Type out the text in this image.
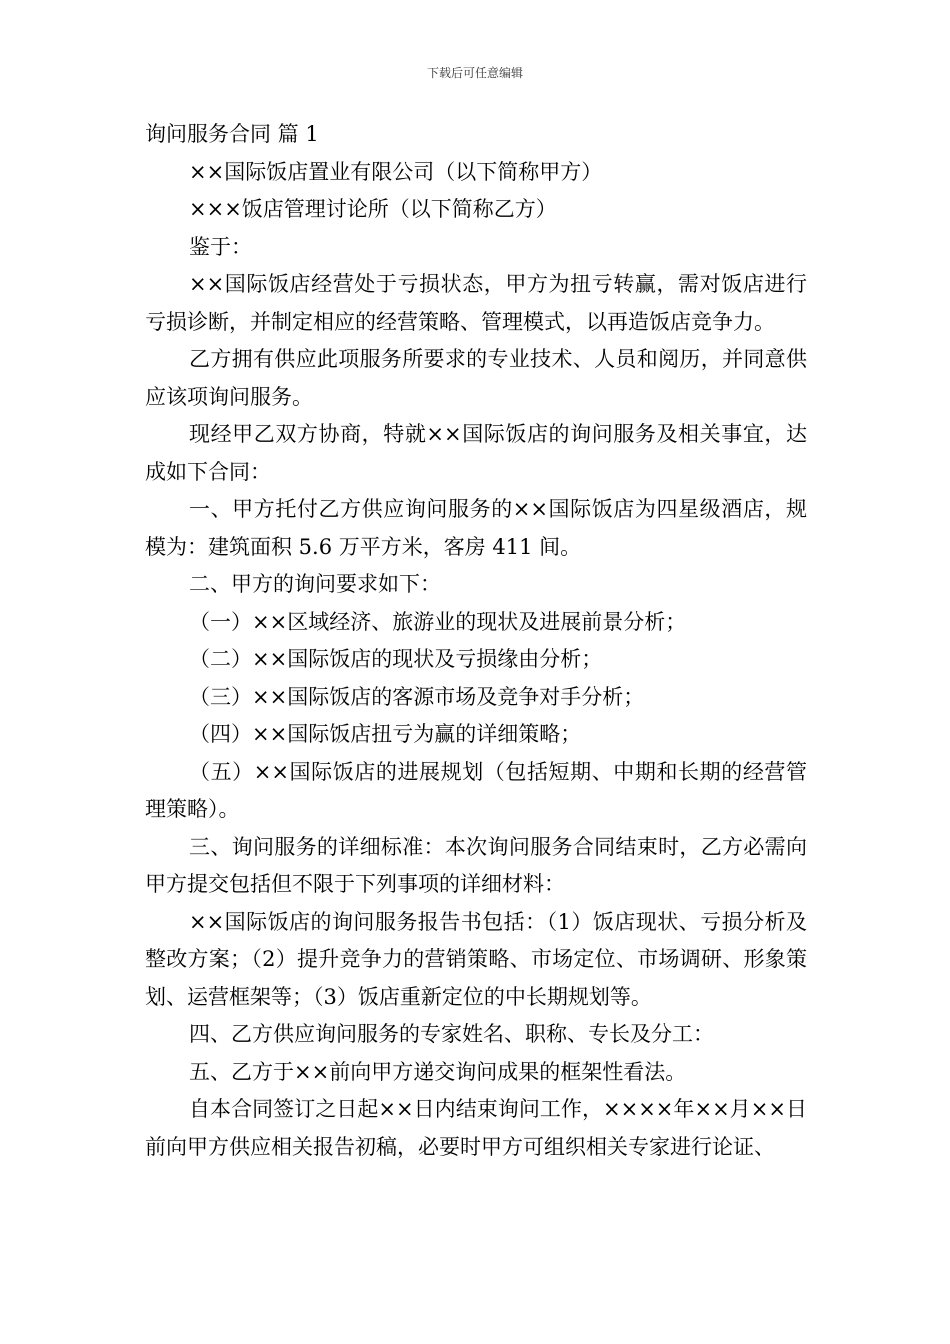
下载后可任意编辑

询问服务合同 篇 1

××国际饭店置业有限公司（以下简称甲方）

×××饭店管理讨论所（以下简称乙方）

鉴于：

××国际饭店经营处于亏损状态，甲方为扭亏转赢，需对饭店进行亏损诊断，并制定相应的经营策略、管理模式，以再造饭店竞争力。

乙方拥有供应此项服务所要求的专业技术、人员和阅历，并同意供应该项询问服务。

现经甲乙双方协商，特就××国际饭店的询问服务及相关事宜，达成如下合同：

一、甲方托付乙方供应询问服务的××国际饭店为四星级酒店，规模为：建筑面积 5.6 万平方米，客房 411 间。

二、甲方的询问要求如下：

（一）××区域经济、旅游业的现状及进展前景分析；

（二）××国际饭店的现状及亏损缘由分析；

（三）××国际饭店的客源市场及竞争对手分析；

（四）××国际饭店扭亏为赢的详细策略；

（五）××国际饭店的进展规划（包括短期、中期和长期的经营管理策略）。

三、询问服务的详细标准：本次询问服务合同结束时，乙方必需向甲方提交包括但不限于下列事项的详细材料：

××国际饭店的询问服务报告书包括：（1）饭店现状、亏损分析及整改方案；（2）提升竞争力的营销策略、市场定位、市场调研、形象策划、运营框架等；（3）饭店重新定位的中长期规划等。

四、乙方供应询问服务的专家姓名、职称、专长及分工：

五、乙方于××前向甲方递交询问成果的框架性看法。

自本合同签订之日起××日内结束询问工作，××××年××月××日前向甲方供应相关报告初稿，必要时甲方可组织相关专家进行论证、
